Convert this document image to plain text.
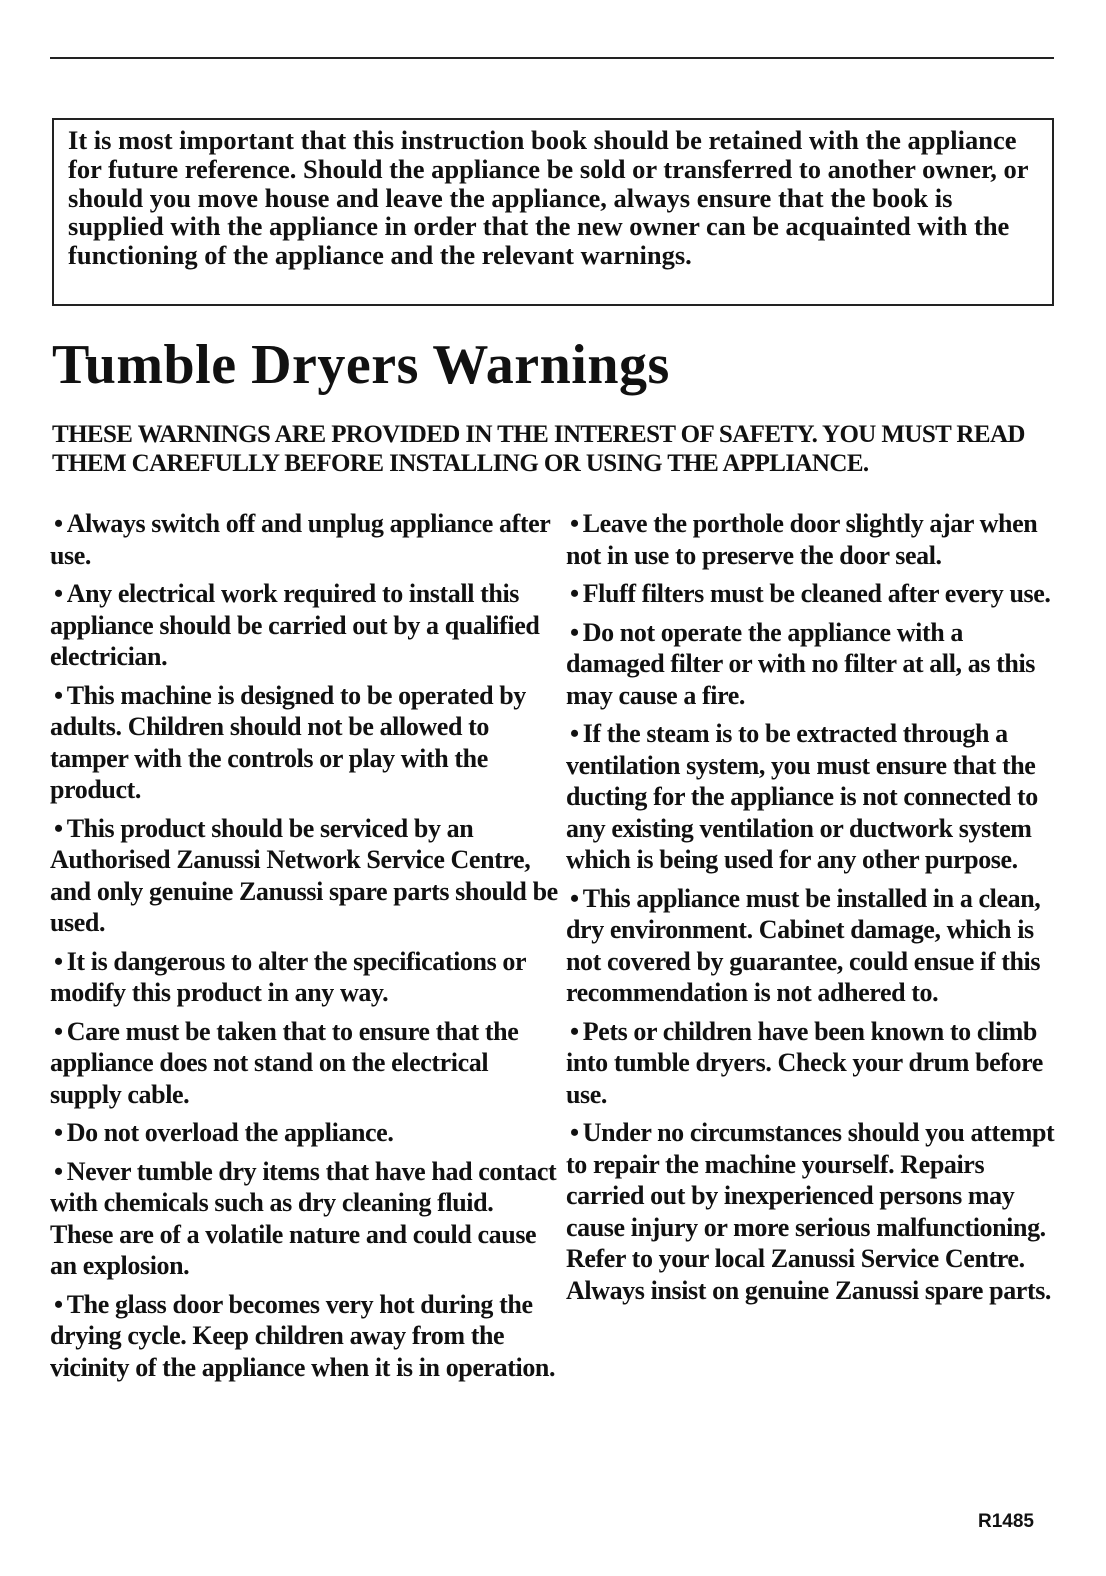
It is most important that this instruction book should be retained with the appliance for future reference. Should the appliance be sold or transferred to another owner, or should you move house and leave the appliance, always ensure that the book is supplied with the appliance in order that the new owner can be acquainted with the functioning of the appliance and the relevant warnings.
Tumble Dryers Warnings

THESE WARNINGS ARE PROVIDED IN THE INTEREST OF SAFETY. YOU MUST READ THEM CAREFULLY BEFORE INSTALLING OR USING THE APPLIANCE.

• Always switch off and unplug appliance after use.
• Any electrical work required to install this appliance should be carried out by a qualified electrician.
• This machine is designed to be operated by adults. Children should not be allowed to tamper with the controls or play with the product.
• This product should be serviced by an Authorised Zanussi Network Service Centre, and only genuine Zanussi spare parts should be used.
• It is dangerous to alter the specifications or modify this product in any way.
• Care must be taken that to ensure that the appliance does not stand on the electrical supply cable.
• Do not overload the appliance.
• Never tumble dry items that have had contact with chemicals such as dry cleaning fluid. These are of a volatile nature and could cause an explosion.
• The glass door becomes very hot during the drying cycle. Keep children away from the vicinity of the appliance when it is in operation.
• Leave the porthole door slightly ajar when not in use to preserve the door seal.
• Fluff filters must be cleaned after every use.
• Do not operate the appliance with a damaged filter or with no filter at all, as this may cause a fire.
• If the steam is to be extracted through a ventilation system, you must ensure that the ducting for the appliance is not connected to any existing ventilation or ductwork system which is being used for any other purpose.
• This appliance must be installed in a clean, dry environment. Cabinet damage, which is not covered by guarantee, could ensue if this recommendation is not adhered to.
• Pets or children have been known to climb into tumble dryers. Check your drum before use.
• Under no circumstances should you attempt to repair the machine yourself. Repairs carried out by inexperienced persons may cause injury or more serious malfunctioning. Refer to your local Zanussi Service Centre. Always insist on genuine Zanussi spare parts.
R1485
